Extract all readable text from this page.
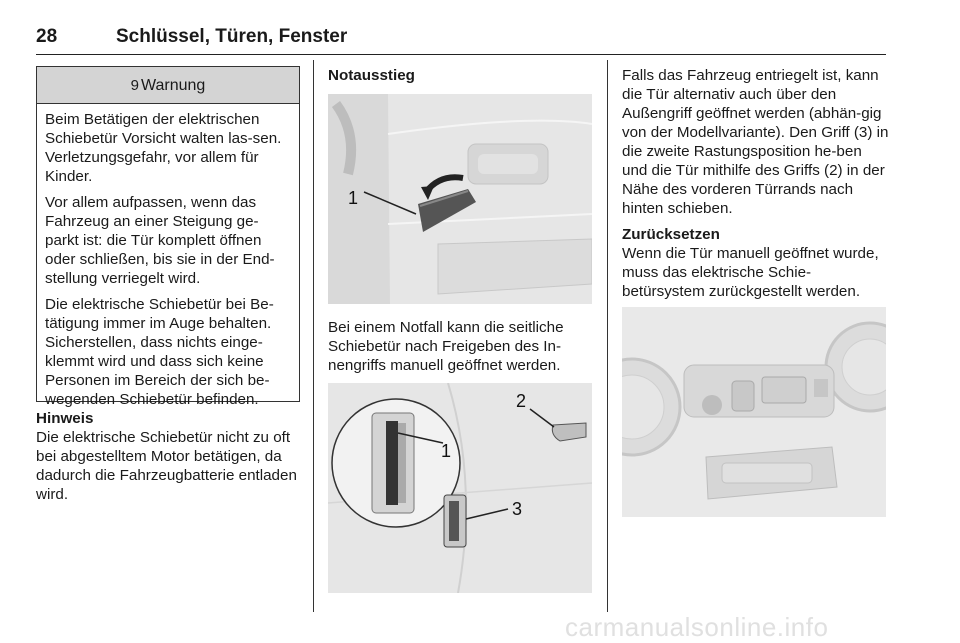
28	Schlüssel, Türen, Fenster
9 Warnung

Beim Betätigen der elektrischen Schiebetür Vorsicht walten las-sen. Verletzungsgefahr, vor allem für Kinder.

Vor allem aufpassen, wenn das Fahrzeug an einer Steigung ge-parkt ist: die Tür komplett öffnen oder schließen, bis sie in der End-stellung verriegelt wird.

Die elektrische Schiebetür bei Be-tätigung immer im Auge behalten. Sicherstellen, dass nichts einge-klemmt wird und dass sich keine Personen im Bereich der sich be-wegenden Schiebetür befinden.

Hinweis
Die elektrische Schiebetür nicht zu oft bei abgestelltem Motor betätigen, da dadurch die Fahrzeugbatterie entladen wird.
Notausstieg
1
Bei einem Notfall kann die seitliche Schiebetür nach Freigeben des In-nengriffs manuell geöffnet werden.
1
2
3
Falls das Fahrzeug entriegelt ist, kann die Tür alternativ auch über den Außengriff geöffnet werden (abhän-gig von der Modellvariante). Den Griff (3) in die zweite Rastungsposition he-ben und die Tür mithilfe des Griffs (2) in der Nähe des vorderen Türrands nach hinten schieben.
Zurücksetzen
Wenn die Tür manuell geöffnet wurde, muss das elektrische Schie-betürsystem zurückgestellt werden.
carmanualsonline.info
